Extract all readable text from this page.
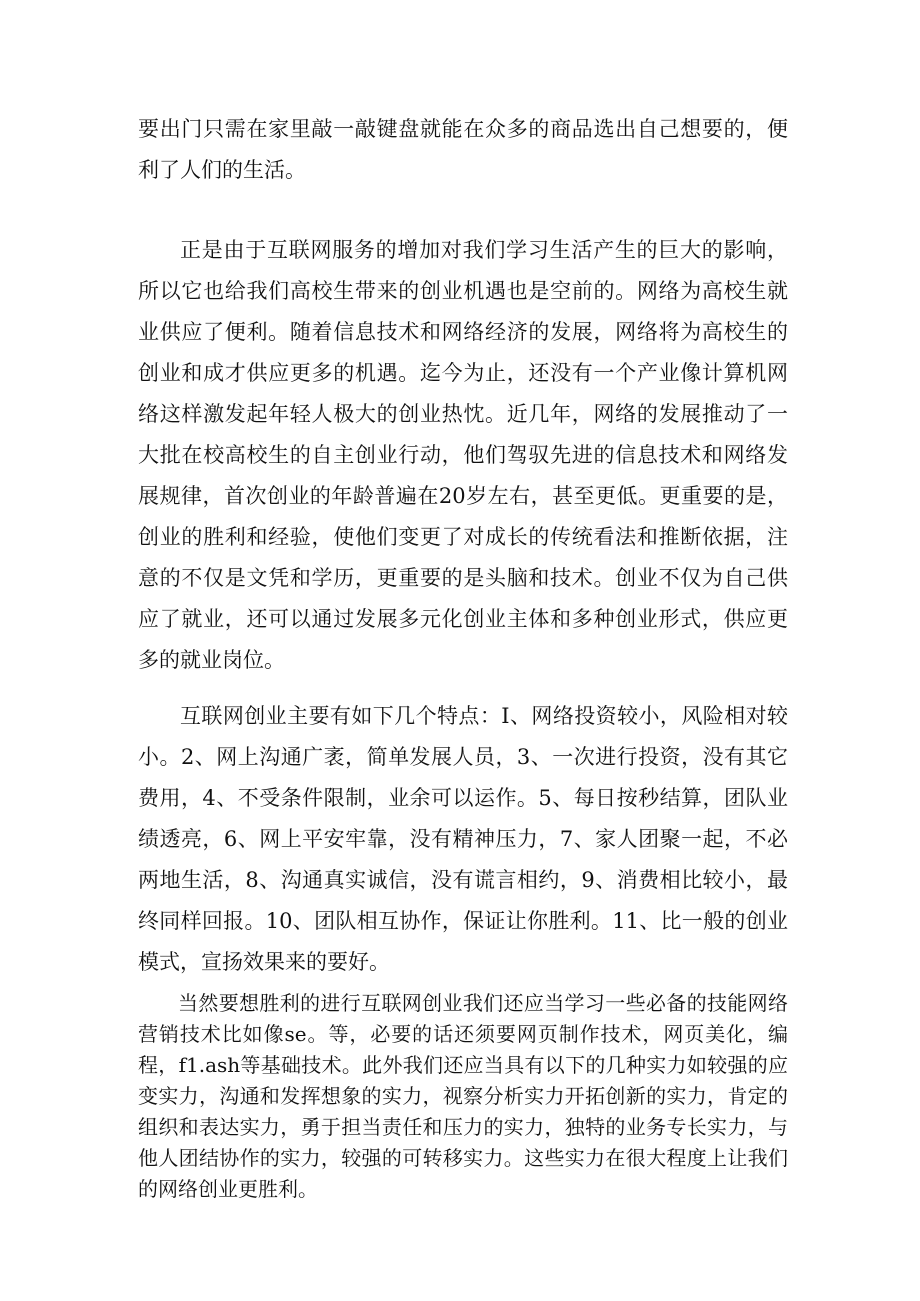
要出门只需在家里敲一敲键盘就能在众多的商品选出自己想要的，便利了人们的生活。

正是由于互联网服务的增加对我们学习生活产生的巨大的影响，所以它也给我们高校生带来的创业机遇也是空前的。网络为高校生就业供应了便利。随着信息技术和网络经济的发展，网络将为高校生的创业和成才供应更多的机遇。迄今为止，还没有一个产业像计算机网络这样激发起年轻人极大的创业热忱。近几年，网络的发展推动了一大批在校高校生的自主创业行动，他们驾驭先进的信息技术和网络发展规律，首次创业的年龄普遍在20岁左右，甚至更低。更重要的是，创业的胜利和经验，使他们变更了对成长的传统看法和推断依据，注意的不仅是文凭和学历，更重要的是头脑和技术。创业不仅为自己供应了就业，还可以通过发展多元化创业主体和多种创业形式，供应更多的就业岗位。

互联网创业主要有如下几个特点：I、网络投资较小，风险相对较小。2、网上沟通广袤，简单发展人员，3、一次进行投资，没有其它费用，4、不受条件限制，业余可以运作。5、每日按秒结算，团队业绩透亮，6、网上平安牢靠，没有精神压力，7、家人团聚一起，不必两地生活，8、沟通真实诚信，没有谎言相约，9、消费相比较小，最终同样回报。10、团队相互协作，保证让你胜利。11、比一般的创业模式，宣扬效果来的要好。

当然要想胜利的进行互联网创业我们还应当学习一些必备的技能网络营销技术比如像se。等，必要的话还须要网页制作技术，网页美化，编程，f1.ash等基础技术。此外我们还应当具有以下的几种实力如较强的应变实力，沟通和发挥想象的实力，视察分析实力开拓创新的实力，肯定的组织和表达实力，勇于担当责任和压力的实力，独特的业务专长实力，与他人团结协作的实力，较强的可转移实力。这些实力在很大程度上让我们的网络创业更胜利。
